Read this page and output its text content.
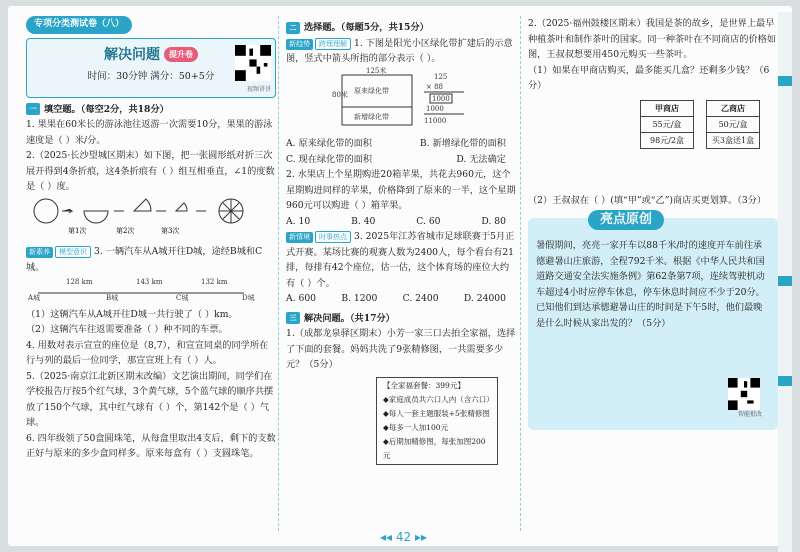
专项分类测试卷（八）
解决问题 提升卷
时间：30分钟 满分：50+5分
视频讲讲
一 填空题。（每空2分，共18分）

1. 果果在60米长的游泳池往返游一次需要10分，果果的游泳速度是（ ）米/分。

2.（2025·长沙望城区期末）如下图，把一张圆形纸对折三次展开得到4条折痕，这4条折痕有（ ）组互相垂直，∠1的度数是（ ）度。

第1次	第2次	第3次

新素养 模型意识 3. 一辆汽车从A城开往D城，途经B城和C城。

128 km	143 km	132 km
A城	B城	C城	D城

（1）这辆汽车从A城开往D城一共行驶了（ ）km。

（2）这辆汽车往返需要准备（ ）种不同的车票。

4. 用数对表示宣宣的座位是（8,7），和宣宣同桌的同学所在行与列的最后一位同学，那宣宣班上有（ ）人。

5.（2025·南京江北新区期末改编）文艺演出期间，同学们在学校报告厅按5个红气球，3个黄气球，5个蓝气球的顺序共摆放了150个气球，其中红气球有（ ）个，第142个是（ ）气球。

6. 四年级领了50盒圆珠笔，从每盒里取出4支后，剩下的支数正好与原来的多少盒同样多。原来每盒有（ ）支圆珠笔。

二 选择题。（每题5分，共15分）

新趋势 跨理理解 1. 下图是阳光小区绿化带扩建后的示意图，竖式中箭头所指的部分表示（ ）。

125米
80米 原来绿化带
新增绿化带
125
× 88
1000
1000
11000
A. 原来绿化带的面积	B. 新增绿化带的面积
C. 现在绿化带的面积	D. 无法确定

2. 水果店上个星期购进20箱苹果，共花去960元，这个星期购进同样的苹果，价格降到了原来的一半，这个星期960元可以购进（ ）箱苹果。

A. 10	B. 40	C. 60	D. 80

新情境 时事热点 3. 2025年江苏省城市足球联赛于5月正式开赛。某场比赛的观赛人数为2400人，每个看台有21排，每排有42个座位，估一估，这个体育场的座位大约有（ ）个。

A. 600	B. 1200	C. 2400	D. 24000
三 解决问题。（共17分）

1.（成都龙泉驿区期末）小芳一家三口去拍全家福，选择了下面的套餐。妈妈共洗了9张精修图，一共需要多少元？（5分）

【全家福套餐：399元】
◆家庭成员共六口人内（含六口）
◆每人一套主题服装+5张精修图
◆每多一人加100元
◆后期加精修图，每张加图200元

2.（2025·福州鼓楼区期末）我国是茶的故乡，是世界上最早种植茶叶和制作茶叶的国家。同一种茶叶在不同商店的价格如图，王叔叔想要用450元购买一些茶叶。

（1）如果在甲商店购买，最多能买几盒？还剩多少钱？（6分）

甲商店
55元/盒
98元/2盒
乙商店
50元/盒
买3盒送1盒

（2）王叔叔在（ ）(填“甲”或“乙”)商店买更划算。（3分）

亮点原创

暑假期间，亮亮一家开车以88千米/时的速度开车前往承德避暑山庄旅游，全程792千米。根据《中华人民共和国道路交通安全法实施条例》第62条第7项，连续驾驶机动车超过4小时应停车休息，停车休息时间应不少于20分。已知他们到达承德避暑山庄的时间是下午5时，他们最晚是什么时候从家出发的？（5分）

智能批改
◂◂ 42 ▸▸
